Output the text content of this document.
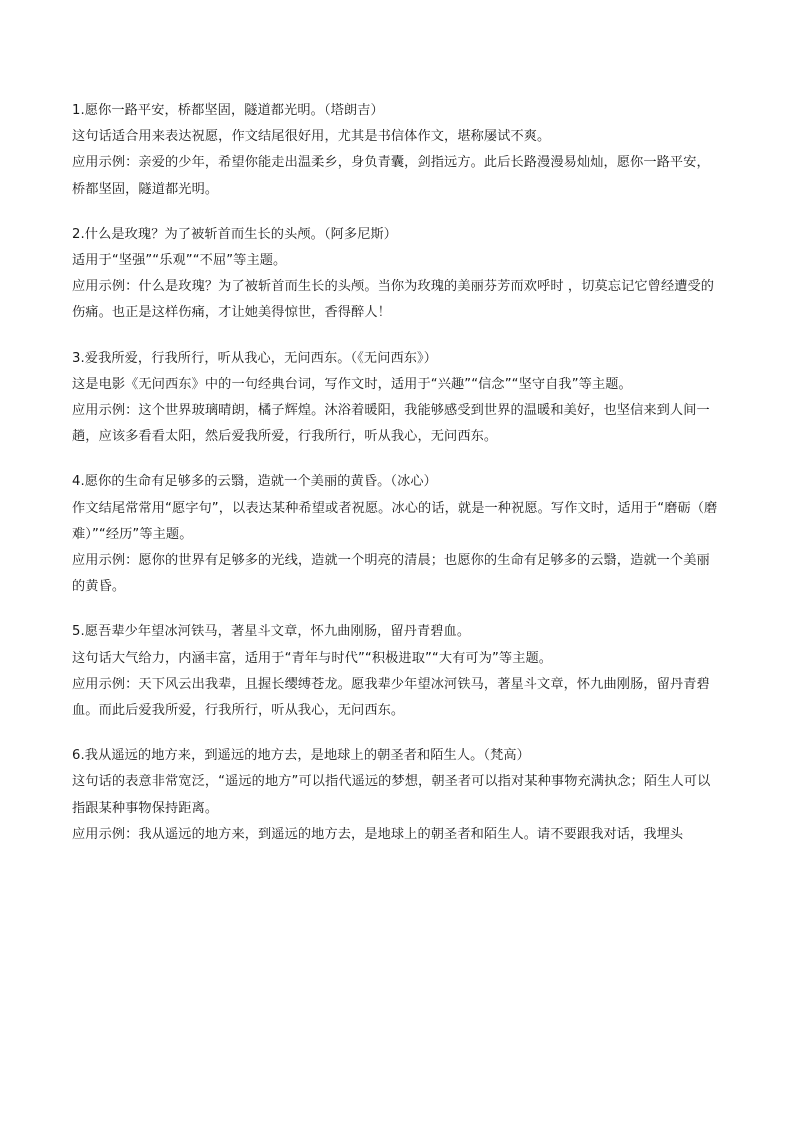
1.愿你一路平安，桥都坚固，隧道都光明。（塔朗吉）
这句话适合用来表达祝愿，作文结尾很好用，尤其是书信体作文，堪称屡试不爽。
应用示例：亲爱的少年，希望你能走出温柔乡，身负青囊，剑指远方。此后长路漫漫易灿灿，愿你一路平安，桥都坚固，隧道都光明。
2.什么是玫瑰？为了被斩首而生长的头颅。（阿多尼斯）
适用于“坚强”“乐观”“不屈”等主题。
应用示例：什么是玫瑰？为了被斩首而生长的头颅。当你为玫瑰的美丽芬芳而欢呼时 ，切莫忘记它曾经遭受的伤痛。也正是这样伤痛，才让她美得惊世，香得醉人！
3.爱我所爱，行我所行，听从我心，无问西东。（《无问西东》）
这是电影《无问西东》中的一句经典台词，写作文时，适用于“兴趣”“信念”“坚守自我”等主题。
应用示例：这个世界玻璃晴朗，橘子辉煌。沐浴着暖阳，我能够感受到世界的温暖和美好，也坚信来到人间一趟，应该多看看太阳，然后爱我所爱，行我所行，听从我心，无问西东。
4.愿你的生命有足够多的云翳，造就一个美丽的黄昏。（冰心）
作文结尾常常用“愿字句”，以表达某种希望或者祝愿。冰心的话，就是一种祝愿。写作文时，适用于“磨砺（磨难）”“经历”等主题。
应用示例：愿你的世界有足够多的光线，造就一个明亮的清晨；也愿你的生命有足够多的云翳，造就一个美丽的黄昏。
5.愿吾辈少年望冰河铁马，著星斗文章，怀九曲刚肠，留丹青碧血。
这句话大气给力，内涵丰富，适用于“青年与时代”“积极进取”“大有可为”等主题。
应用示例：天下风云出我辈，且握长缨缚苍龙。愿我辈少年望冰河铁马，著星斗文章，怀九曲刚肠，留丹青碧血。而此后爱我所爱，行我所行，听从我心，无问西东。
6.我从遥远的地方来，到遥远的地方去，是地球上的朝圣者和陌生人。（梵高）
这句话的表意非常宽泛，“遥远的地方”可以指代遥远的梦想，朝圣者可以指对某种事物充满执念；陌生人可以指跟某种事物保持距离。
应用示例：我从遥远的地方来，到遥远的地方去，是地球上的朝圣者和陌生人。请不要跟我对话，我埋头
